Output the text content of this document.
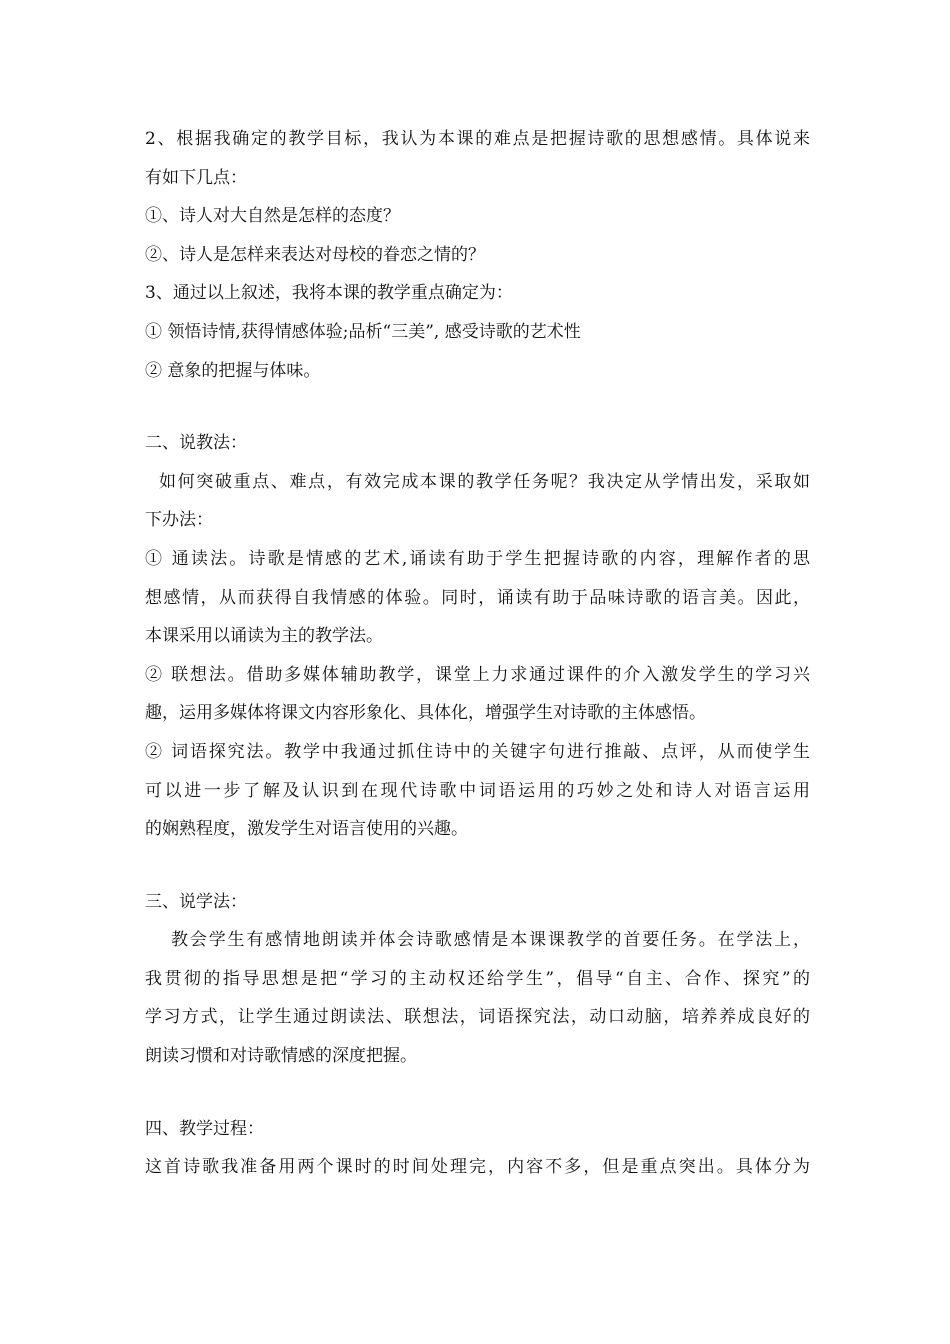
2、根据我确定的教学目标，我认为本课的难点是把握诗歌的思想感情。具体说来
有如下几点：
①、诗人对大自然是怎样的态度？
②、诗人是怎样来表达对母校的眷恋之情的？
3、通过以上叙述，我将本课的教学重点确定为：
① 领悟诗情,获得情感体验;品析“三美”, 感受诗歌的艺术性
② 意象的把握与体味。
二、说教法：
如何突破重点、难点，有效完成本课的教学任务呢？我决定从学情出发，采取如
下办法：
① 通读法。诗歌是情感的艺术,诵读有助于学生把握诗歌的内容，理解作者的思
想感情，从而获得自我情感的体验。同时，诵读有助于品味诗歌的语言美。因此，
本课采用以诵读为主的教学法。
② 联想法。借助多媒体辅助教学，课堂上力求通过课件的介入激发学生的学习兴
趣，运用多媒体将课文内容形象化、具体化，增强学生对诗歌的主体感悟。
② 词语探究法。教学中我通过抓住诗中的关键字句进行推敲、点评，从而使学生
可以进一步了解及认识到在现代诗歌中词语运用的巧妙之处和诗人对语言运用
的娴熟程度，激发学生对语言使用的兴趣。
三、说学法：
教会学生有感情地朗读并体会诗歌感情是本课课教学的首要任务。在学法上，
我贯彻的指导思想是把“学习的主动权还给学生”，倡导“自主、合作、探究”的
学习方式，让学生通过朗读法、联想法，词语探究法，动口动脑，培养养成良好的
朗读习惯和对诗歌情感的深度把握。
四、教学过程：
这首诗歌我准备用两个课时的时间处理完，内容不多，但是重点突出。具体分为
